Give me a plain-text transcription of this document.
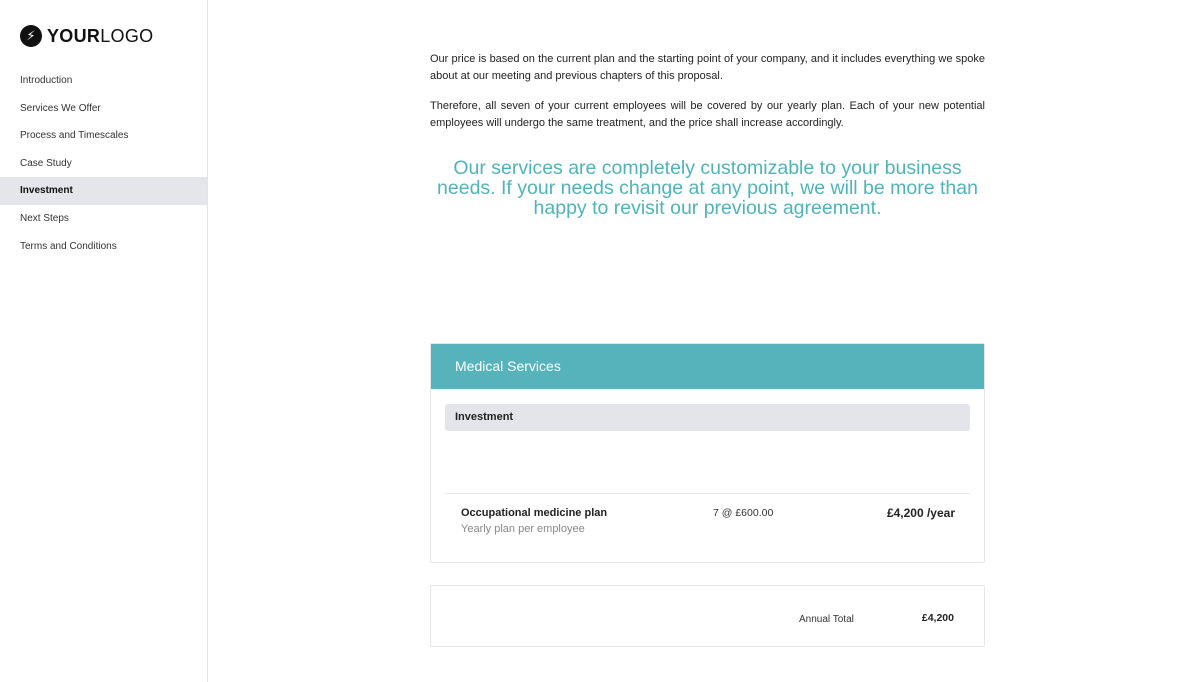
⚡︎ YOURLOGO
Introduction
Services We Offer
Process and Timescales
Case Study
Investment
Next Steps
Terms and Conditions

Our price is based on the current plan and the starting point of your company, and it includes everything we spoke about at our meeting and previous chapters of this proposal.

Therefore, all seven of your current employees will be covered by our yearly plan. Each of your new potential employees will undergo the same treatment, and the price shall increase accordingly.

Our services are completely customizable to your business needs. If your needs change at any point, we will be more than happy to revisit our previous agreement.
Medical Services
Investment
Occupational medicine plan
Yearly plan per employee
7 @ £600.00	£4,200 /year
Annual Total	£4,200
